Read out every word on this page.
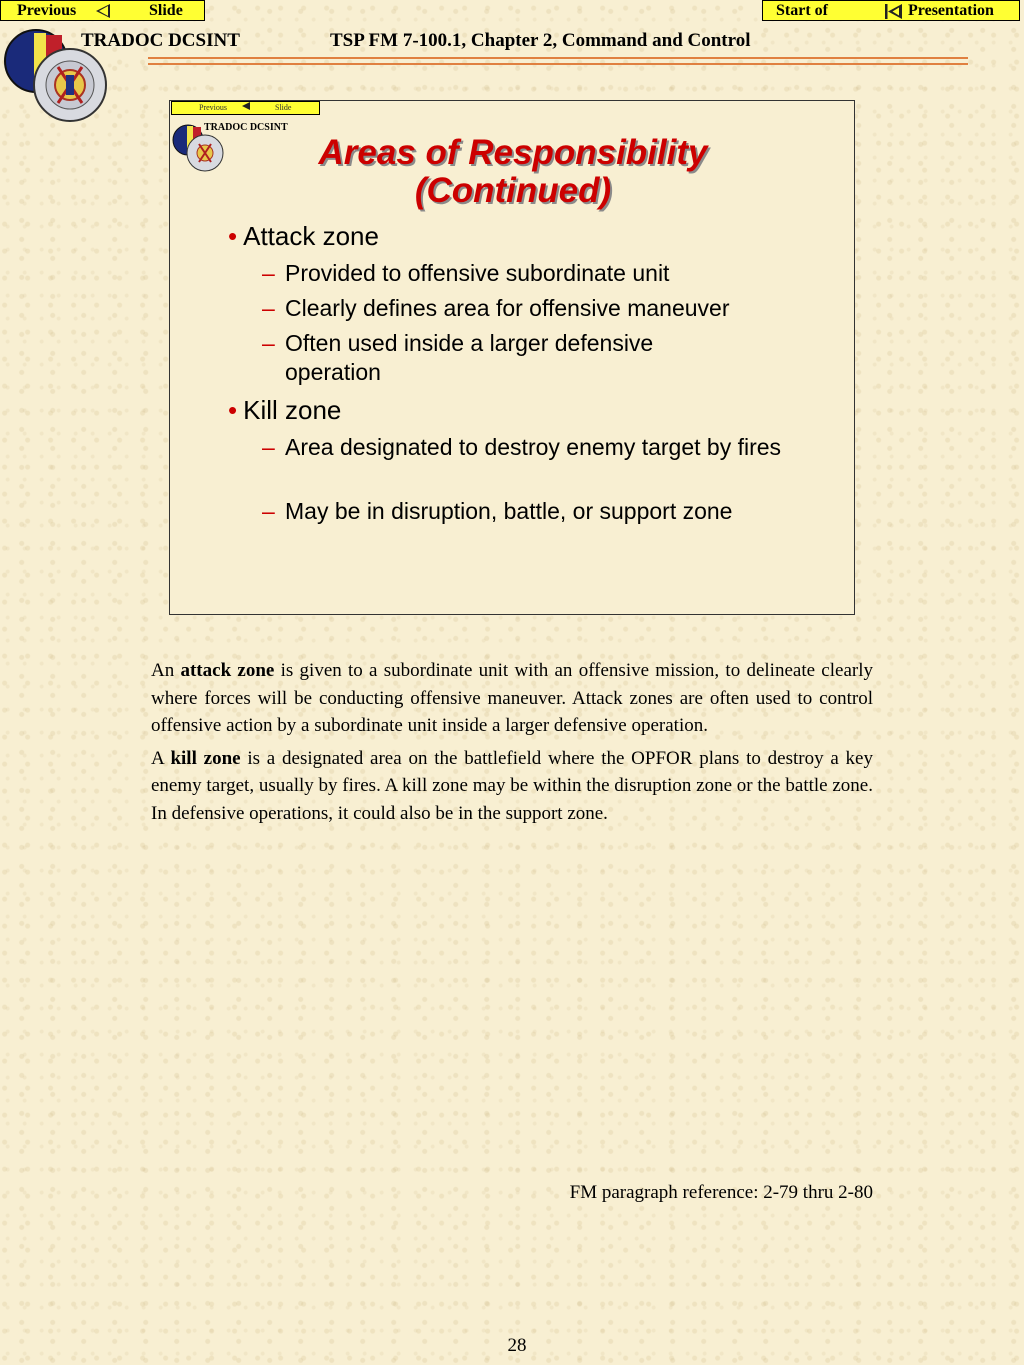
Previous	Slide	Start of	Presentation
TRADOC DCSINT	TSP FM 7-100.1, Chapter 2, Command and Control
Previous	Slide
TRADOC DCSINT
Areas of Responsibility
(Continued)
• Attack zone
– Provided to offensive subordinate unit
– Clearly defines area for offensive maneuver
– Often used inside a larger defensive operation
• Kill zone
– Area designated to destroy enemy target by fires
– May be in disruption, battle, or support zone

An attack zone is given to a subordinate unit with an offensive mission, to delineate clearly where forces will be conducting offensive maneuver. Attack zones are often used to control offensive action by a subordinate unit inside a larger defensive operation.

A kill zone is a designated area on the battlefield where the OPFOR plans to destroy a key enemy target, usually by fires. A kill zone may be within the disruption zone or the battle zone. In defensive operations, it could also be in the support zone.

FM paragraph reference: 2-79 thru 2-80
28
